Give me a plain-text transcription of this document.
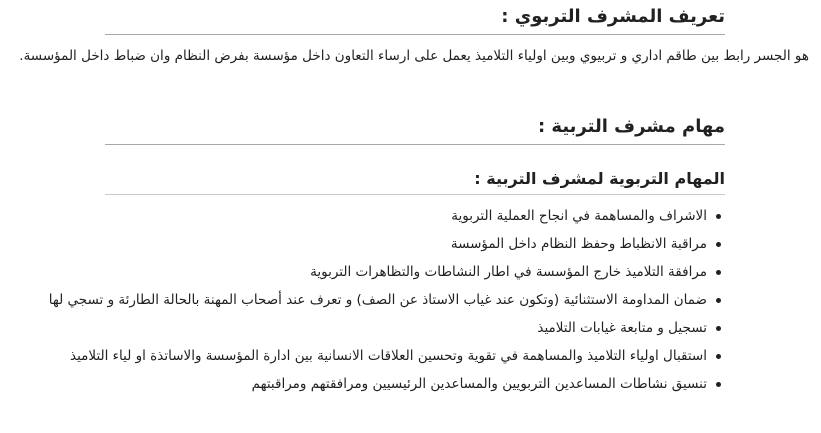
تعريف المشرف التربوي :

هو الجسر رابط بين طاقم اداري و تربيوي وبين اولياء التلاميذ يعمل على ارساء التعاون داخل مؤسسة بفرض النظام وان ضباط داخل المؤسسة.

مهام مشرف التربية :
المهام التربوية لمشرف التربية :
الاشراف والمساهمة في انجاح العملية التربوية
مراقبة الانظباط وحفظ النظام داخل المؤسسة
مرافقة التلاميذ خارج المؤسسة في اطار النشاطات والتظاهرات التربوية
ضمان المداومة الاستثنائية (وتكون عند غياب الاستاذ عن الصف) و تعرف عند أصحاب المهنة بالحالة الطارئة و تسجي لها
تسجيل و متابعة غيابات التلاميذ
استقبال اولياء التلاميذ والمساهمة في تقوية وتحسين العلاقات الانسانية بين ادارة المؤسسة والاساتذة او لياء التلاميذ
تنسيق نشاطات المساعدين التربويين والمساعدين الرئيسيين ومرافقتهم ومراقبتهم
